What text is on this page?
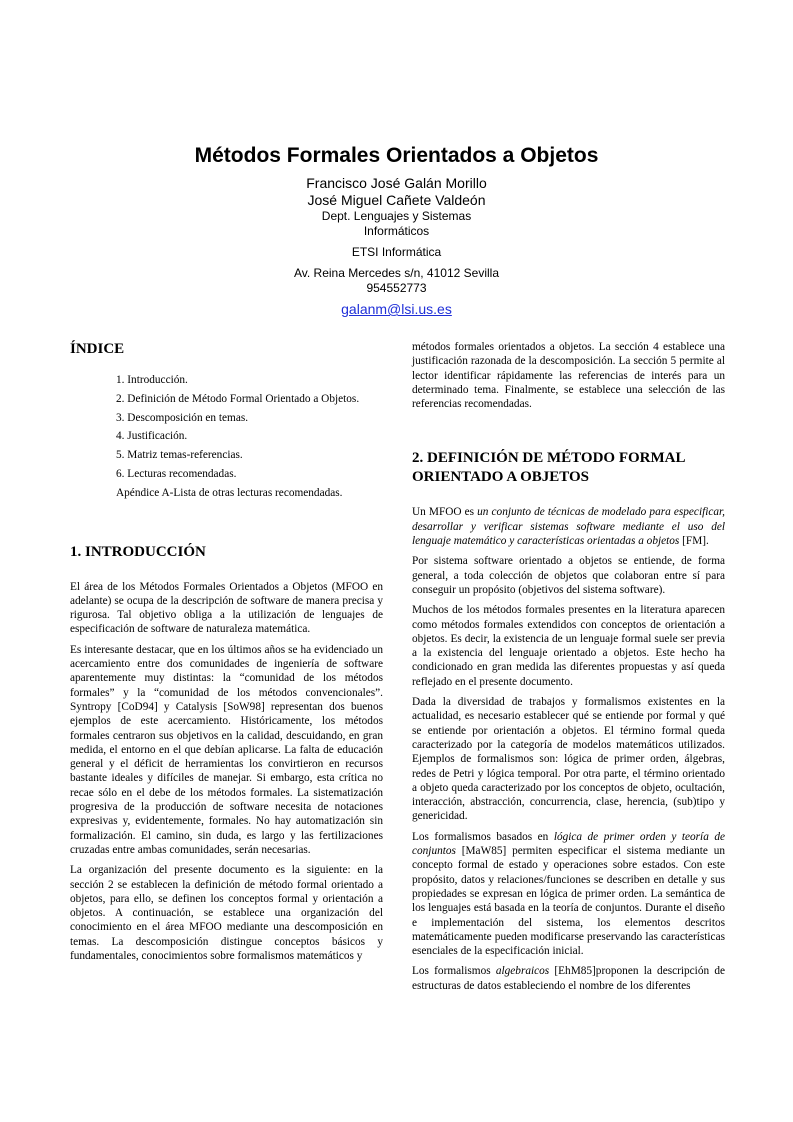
Métodos Formales Orientados a Objetos
Francisco José Galán Morillo
José Miguel Cañete Valdeón
Dept. Lenguajes y Sistemas
Informáticos
ETSI Informática
Av. Reina Mercedes s/n, 41012 Sevilla
954552773
galanm@lsi.us.es
ÍNDICE
1. Introducción.
2. Definición de Método Formal Orientado a Objetos.
3. Descomposición en temas.
4. Justificación.
5. Matriz temas-referencias.
6. Lecturas recomendadas.
Apéndice A-Lista de otras lecturas recomendadas.
1. INTRODUCCIÓN

El área de los Métodos Formales Orientados a Objetos (MFOO en adelante) se ocupa de la descripción de software de manera precisa y rigurosa. Tal objetivo obliga a la utilización de lenguajes de especificación de software de naturaleza matemática.

Es interesante destacar, que en los últimos años se ha evidenciado un acercamiento entre dos comunidades de ingeniería de software aparentemente muy distintas: la “comunidad de los métodos formales” y la “comunidad de los métodos convencionales”. Syntropy [CoD94] y Catalysis [SoW98] representan dos buenos ejemplos de este acercamiento. Históricamente, los métodos formales centraron sus objetivos en la calidad, descuidando, en gran medida, el entorno en el que debían aplicarse. La falta de educación general y el déficit de herramientas los convirtieron en recursos bastante ideales y difíciles de manejar. Si embargo, esta crítica no recae sólo en el debe de los métodos formales. La sistematización progresiva de la producción de software necesita de notaciones expresivas y, evidentemente, formales. No hay automatización sin formalización. El camino, sin duda, es largo y las fertilizaciones cruzadas entre ambas comunidades, serán necesarias.

La organización del presente documento es la siguiente: en la sección 2 se establecen la definición de método formal orientado a objetos, para ello, se definen los conceptos formal y orientación a objetos. A continuación, se establece una organización del conocimiento en el área MFOO mediante una descomposición en temas. La descomposición distingue conceptos básicos y fundamentales, conocimientos sobre formalismos matemáticos y

métodos formales orientados a objetos. La sección 4 establece una justificación razonada de la descomposición. La sección 5 permite al lector identificar rápidamente las referencias de interés para un determinado tema. Finalmente, se establece una selección de las referencias recomendadas.

2. DEFINICIÓN DE MÉTODO FORMAL
ORIENTADO A OBJETOS

Un MFOO es un conjunto de técnicas de modelado para especificar, desarrollar y verificar sistemas software mediante el uso del lenguaje matemático y características orientadas a objetos [FM].

Por sistema software orientado a objetos se entiende, de forma general, a toda colección de objetos que colaboran entre sí para conseguir un propósito (objetivos del sistema software).

Muchos de los métodos formales presentes en la literatura aparecen como métodos formales extendidos con conceptos de orientación a objetos. Es decir, la existencia de un lenguaje formal suele ser previa a la existencia del lenguaje orientado a objetos. Este hecho ha condicionado en gran medida las diferentes propuestas y así queda reflejado en el presente documento.

Dada la diversidad de trabajos y formalismos existentes en la actualidad, es necesario establecer qué se entiende por formal y qué se entiende por orientación a objetos. El término formal queda caracterizado por la categoría de modelos matemáticos utilizados. Ejemplos de formalismos son: lógica de primer orden, álgebras, redes de Petri y lógica temporal. Por otra parte, el término orientado a objeto queda caracterizado por los conceptos de objeto, ocultación, interacción, abstracción, concurrencia, clase, herencia, (sub)tipo y genericidad.

Los formalismos basados en lógica de primer orden y teoría de conjuntos [MaW85] permiten especificar el sistema mediante un concepto formal de estado y operaciones sobre estados. Con este propósito, datos y relaciones/funciones se describen en detalle y sus propiedades se expresan en lógica de primer orden. La semántica de los lenguajes está basada en la teoría de conjuntos. Durante el diseño e implementación del sistema, los elementos descritos matemáticamente pueden modificarse preservando las características esenciales de la especificación inicial.

Los formalismos algebraicos [EhM85]proponen la descripción de estructuras de datos estableciendo el nombre de los diferentes
